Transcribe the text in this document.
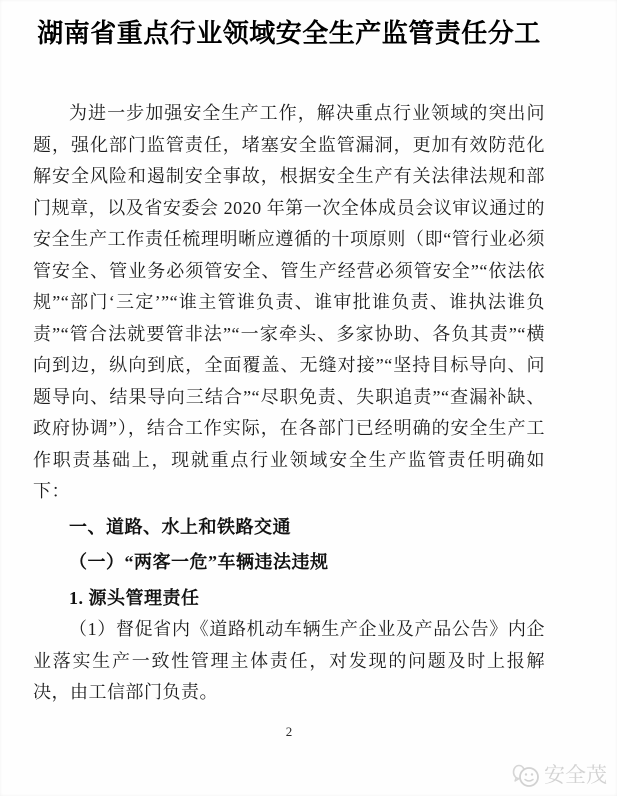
湖南省重点行业领域安全生产监管责任分工

为进一步加强安全生产工作，解决重点行业领域的突出问题，强化部门监管责任，堵塞安全监管漏洞，更加有效防范化解安全风险和遏制安全事故，根据安全生产有关法律法规和部门规章，以及省安委会 2020 年第一次全体成员会议审议通过的安全生产工作责任梳理明晰应遵循的十项原则（即“管行业必须管安全、管业务必须管安全、管生产经营必须管安全”“依法依规”“部门‘三定’”“谁主管谁负责、谁审批谁负责、谁执法谁负责”“管合法就要管非法”“一家牵头、多家协助、各负其责”“横向到边，纵向到底，全面覆盖、无缝对接”“坚持目标导向、问题导向、结果导向三结合”“尽职免责、失职追责”“查漏补缺、政府协调”），结合工作实际，在各部门已经明确的安全生产工作职责基础上，现就重点行业领域安全生产监管责任明确如下：

一、道路、水上和铁路交通
（一）“两客一危”车辆违法违规
1. 源头管理责任

（1）督促省内《道路机动车辆生产企业及产品公告》内企业落实生产一致性管理主体责任，对发现的问题及时上报解决，由工信部门负责。

2
安全茂
